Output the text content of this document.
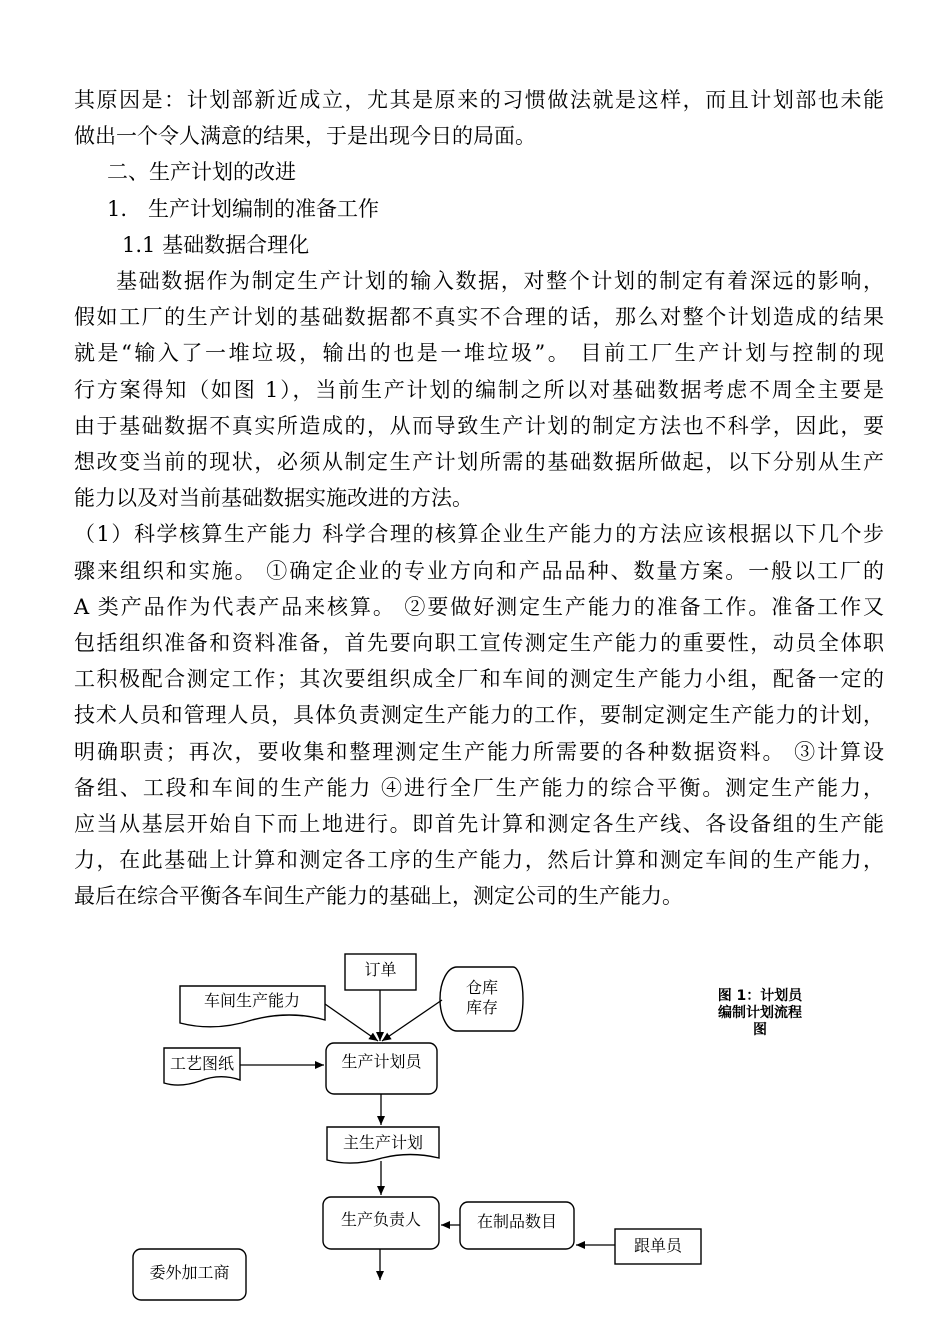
其原因是：计划部新近成立，尤其是原来的习惯做法就是这样，而且计划部也未能

做出一个令人满意的结果，于是出现今日的局面。

二、生产计划的改进

1.　生产计划编制的准备工作

1.1 基础数据合理化

基础数据作为制定生产计划的输入数据，对整个计划的制定有着深远的影响，

假如工厂的生产计划的基础数据都不真实不合理的话，那么对整个计划造成的结果

就是“输入了一堆垃圾，输出的也是一堆垃圾”。 目前工厂生产计划与控制的现

行方案得知（如图 1），当前生产计划的编制之所以对基础数据考虑不周全主要是

由于基础数据不真实所造成的，从而导致生产计划的制定方法也不科学，因此，要

想改变当前的现状，必须从制定生产计划所需的基础数据所做起，以下分别从生产

能力以及对当前基础数据实施改进的方法。

（1）科学核算生产能力 科学合理的核算企业生产能力的方法应该根据以下几个步

骤来组织和实施。 ①确定企业的专业方向和产品品种、数量方案。一般以工厂的

A 类产品作为代表产品来核算。 ②要做好测定生产能力的准备工作。准备工作又

包括组织准备和资料准备，首先要向职工宣传测定生产能力的重要性，动员全体职

工积极配合测定工作；其次要组织成全厂和车间的测定生产能力小组，配备一定的

技术人员和管理人员，具体负责测定生产能力的工作，要制定测定生产能力的计划，

明确职责；再次，要收集和整理测定生产能力所需要的各种数据资料。 ③计算设

备组、工段和车间的生产能力 ④进行全厂生产能力的综合平衡。测定生产能力，

应当从基层开始自下而上地进行。即首先计算和测定各生产线、各设备组的生产能

力，在此基础上计算和测定各工序的生产能力，然后计算和测定车间的生产能力，

最后在综合平衡各车间生产能力的基础上，测定公司的生产能力。

订单
车间生产能力
仓库
库存
工艺图纸	生产计划员
主生产计划
生产负责人	在制品数目
跟单员
委外加工商
图 1：计划员
编制计划流程
图
